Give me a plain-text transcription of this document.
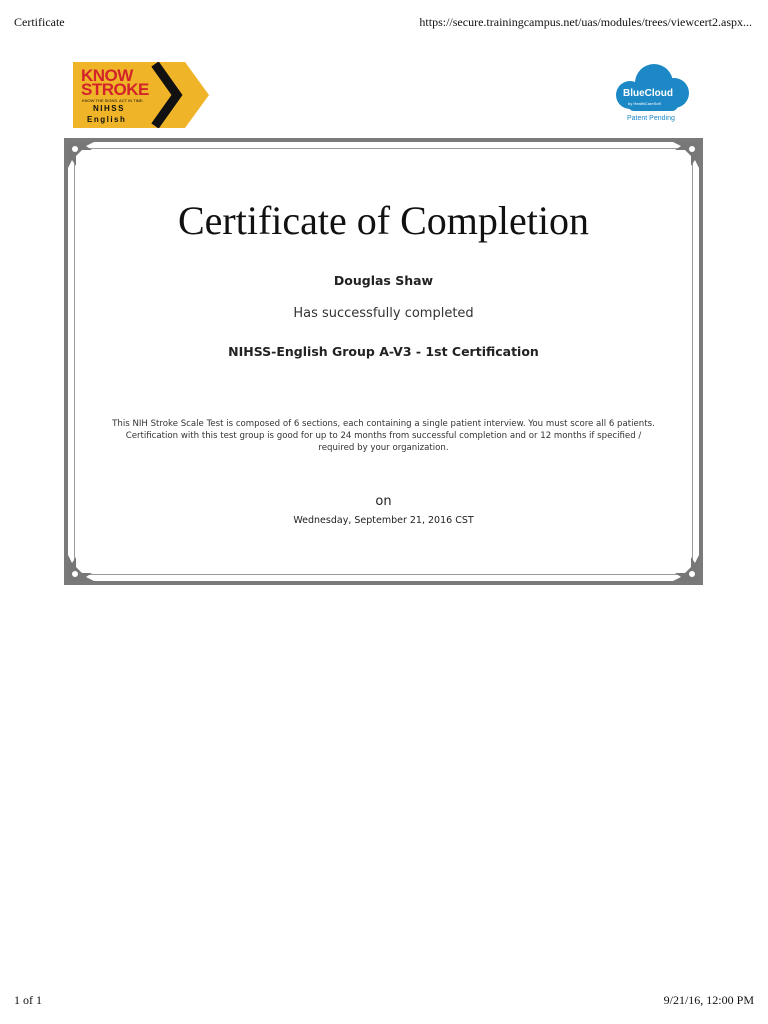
Certificate	https://secure.trainingcampus.net/uas/modules/trees/viewcert2.aspx...
KNOW
STROKE
KNOW THE SIGNS. ACT IN TIME.
NIHSS
English
BlueCloud
by HealthCareSoft
Patent Pending
Certificate of Completion
Douglas Shaw
Has successfully completed
NIHSS-English Group A-V3 - 1st Certification
This NIH Stroke Scale Test is composed of 6 sections, each containing a single patient interview. You must score all 6 patients.
Certification with this test group is good for up to 24 months from successful completion and or 12 months if specified /
required by your organization.
on
Wednesday, September 21, 2016 CST
1 of 1	9/21/16, 12:00 PM
